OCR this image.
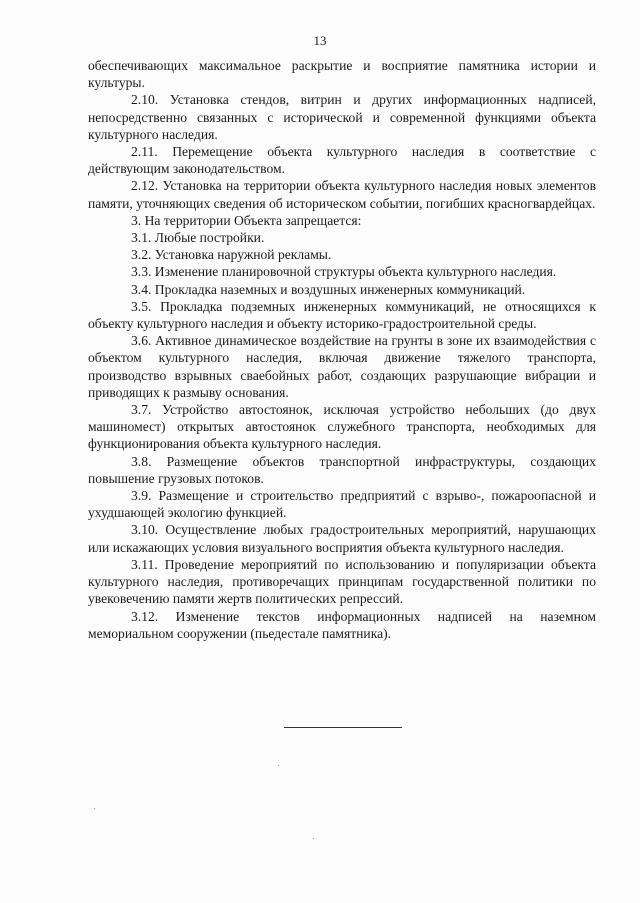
13

обеспечивающих максимальное раскрытие и восприятие памятника истории и культуры.

2.10. Установка стендов, витрин и других информационных надписей, непосредственно связанных с исторической и современной функциями объекта культурного наследия.

2.11. Перемещение объекта культурного наследия в соответствие с действующим законодательством.

2.12. Установка на территории объекта культурного наследия новых элементов памяти, уточняющих сведения об историческом событии, погибших красногвардейцах.

3. На территории Объекта запрещается:

3.1. Любые постройки.

3.2. Установка наружной рекламы.

3.3. Изменение планировочной структуры объекта культурного наследия.

3.4. Прокладка наземных и воздушных инженерных коммуникаций.

3.5. Прокладка подземных инженерных коммуникаций, не относящихся к объекту культурного наследия и объекту историко-градостроительной среды.

3.6. Активное динамическое воздействие на грунты в зоне их взаимодействия с объектом культурного наследия, включая движение тяжелого транспорта, производство взрывных свaебойных работ, создающих разрушающие вибрации и приводящих к размыву основания.

3.7. Устройство автостоянок, исключая устройство небольших (до двух машиномест) открытых автостоянок служебного транспорта, необходимых для функционирования объекта культурного наследия.

3.8. Размещение объектов транспортной инфраструктуры, создающих повышение грузовых потоков.

3.9. Размещение и строительство предприятий с взрыво-, пожароопасной и ухудшающей экологию функцией.

3.10. Осуществление любых градостроительных мероприятий, нарушающих или искажающих условия визуального восприятия объекта культурного наследия.

3.11. Проведение мероприятий по использованию и популяризации объекта культурного наследия, противоречащих принципам государственной политики по увековечению памяти жертв политических репрессий.

3.12. Изменение текстов информационных надписей на наземном мемориальном сооружении (пьедестале памятника).
